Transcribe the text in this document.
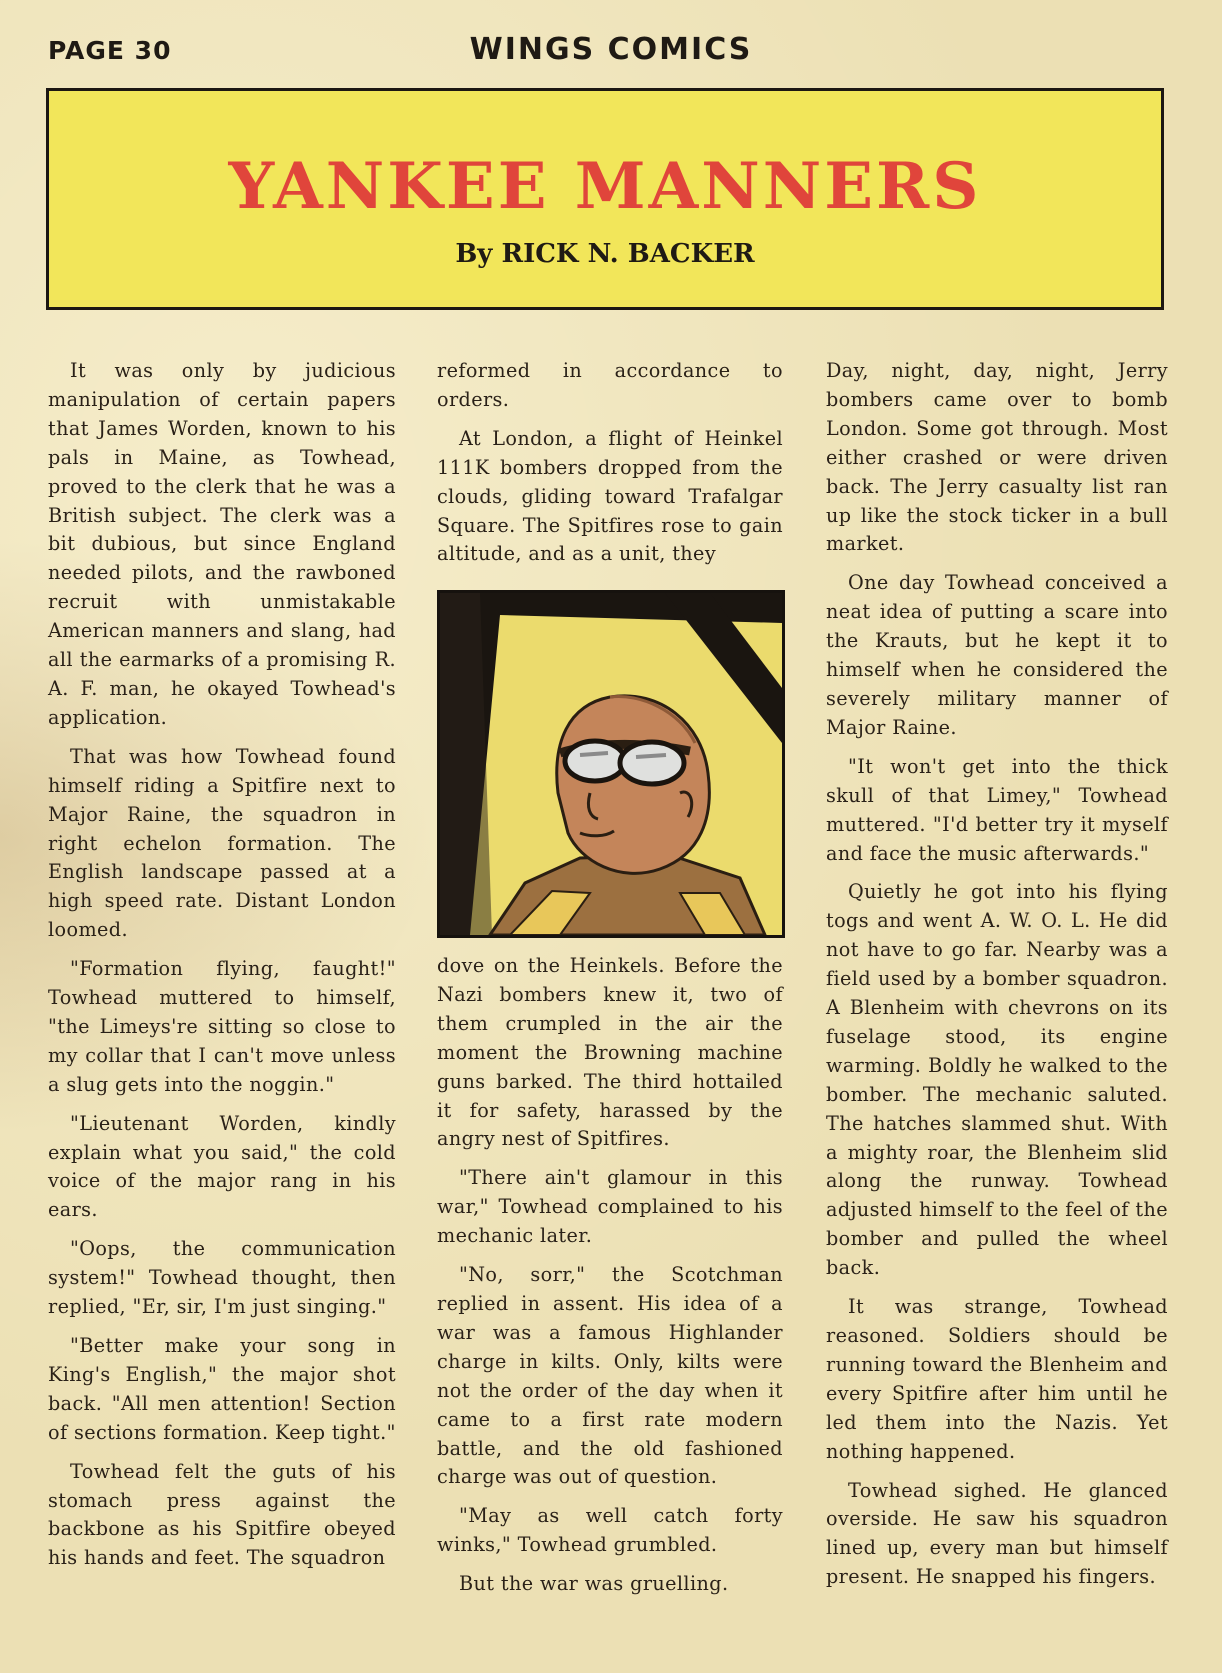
PAGE 30	WINGS COMICS
YANKEE MANNERS
By RICK N. BACKER

It was only by judicious manipulation of certain papers that James Worden, known to his pals in Maine, as Towhead, proved to the clerk that he was a British subject. The clerk was a bit dubious, but since England needed pilots, and the rawboned recruit with unmistakable American manners and slang, had all the earmarks of a promising R. A. F. man, he okayed Towhead's application.

That was how Towhead found himself riding a Spitfire next to Major Raine, the squadron in right echelon formation. The English landscape passed at a high speed rate. Distant London loomed.

"Formation flying, faught!" Towhead muttered to himself, "the Limeys're sitting so close to my collar that I can't move unless a slug gets into the noggin."

"Lieutenant Worden, kindly explain what you said," the cold voice of the major rang in his ears.

"Oops, the communication system!" Towhead thought, then replied, "Er, sir, I'm just singing."

"Better make your song in King's English," the major shot back. "All men attention! Section of sections formation. Keep tight."

Towhead felt the guts of his stomach press against the backbone as his Spitfire obeyed his hands and feet. The squadron

reformed in accordance to orders.

At London, a flight of Heinkel 111K bombers dropped from the clouds, gliding toward Trafalgar Square. The Spitfires rose to gain altitude, and as a unit, they

dove on the Heinkels. Before the Nazi bombers knew it, two of them crumpled in the air the moment the Browning machine guns barked. The third hottailed it for safety, harassed by the angry nest of Spitfires.

"There ain't glamour in this war," Towhead complained to his mechanic later.

"No, sorr," the Scotchman replied in assent. His idea of a war was a famous Highlander charge in kilts. Only, kilts were not the order of the day when it came to a first rate modern battle, and the old fashioned charge was out of question.

"May as well catch forty winks," Towhead grumbled.

But the war was gruelling.

Day, night, day, night, Jerry bombers came over to bomb London. Some got through. Most either crashed or were driven back. The Jerry casualty list ran up like the stock ticker in a bull market.

One day Towhead conceived a neat idea of putting a scare into the Krauts, but he kept it to himself when he considered the severely military manner of Major Raine.

"It won't get into the thick skull of that Limey," Towhead muttered. "I'd better try it myself and face the music afterwards."

Quietly he got into his flying togs and went A. W. O. L. He did not have to go far. Nearby was a field used by a bomber squadron. A Blenheim with chevrons on its fuselage stood, its engine warming. Boldly he walked to the bomber. The mechanic saluted. The hatches slammed shut. With a mighty roar, the Blenheim slid along the runway. Towhead adjusted himself to the feel of the bomber and pulled the wheel back.

It was strange, Towhead reasoned. Soldiers should be running toward the Blenheim and every Spitfire after him until he led them into the Nazis. Yet nothing happened.

Towhead sighed. He glanced overside. He saw his squadron lined up, every man but himself present. He snapped his fingers.
